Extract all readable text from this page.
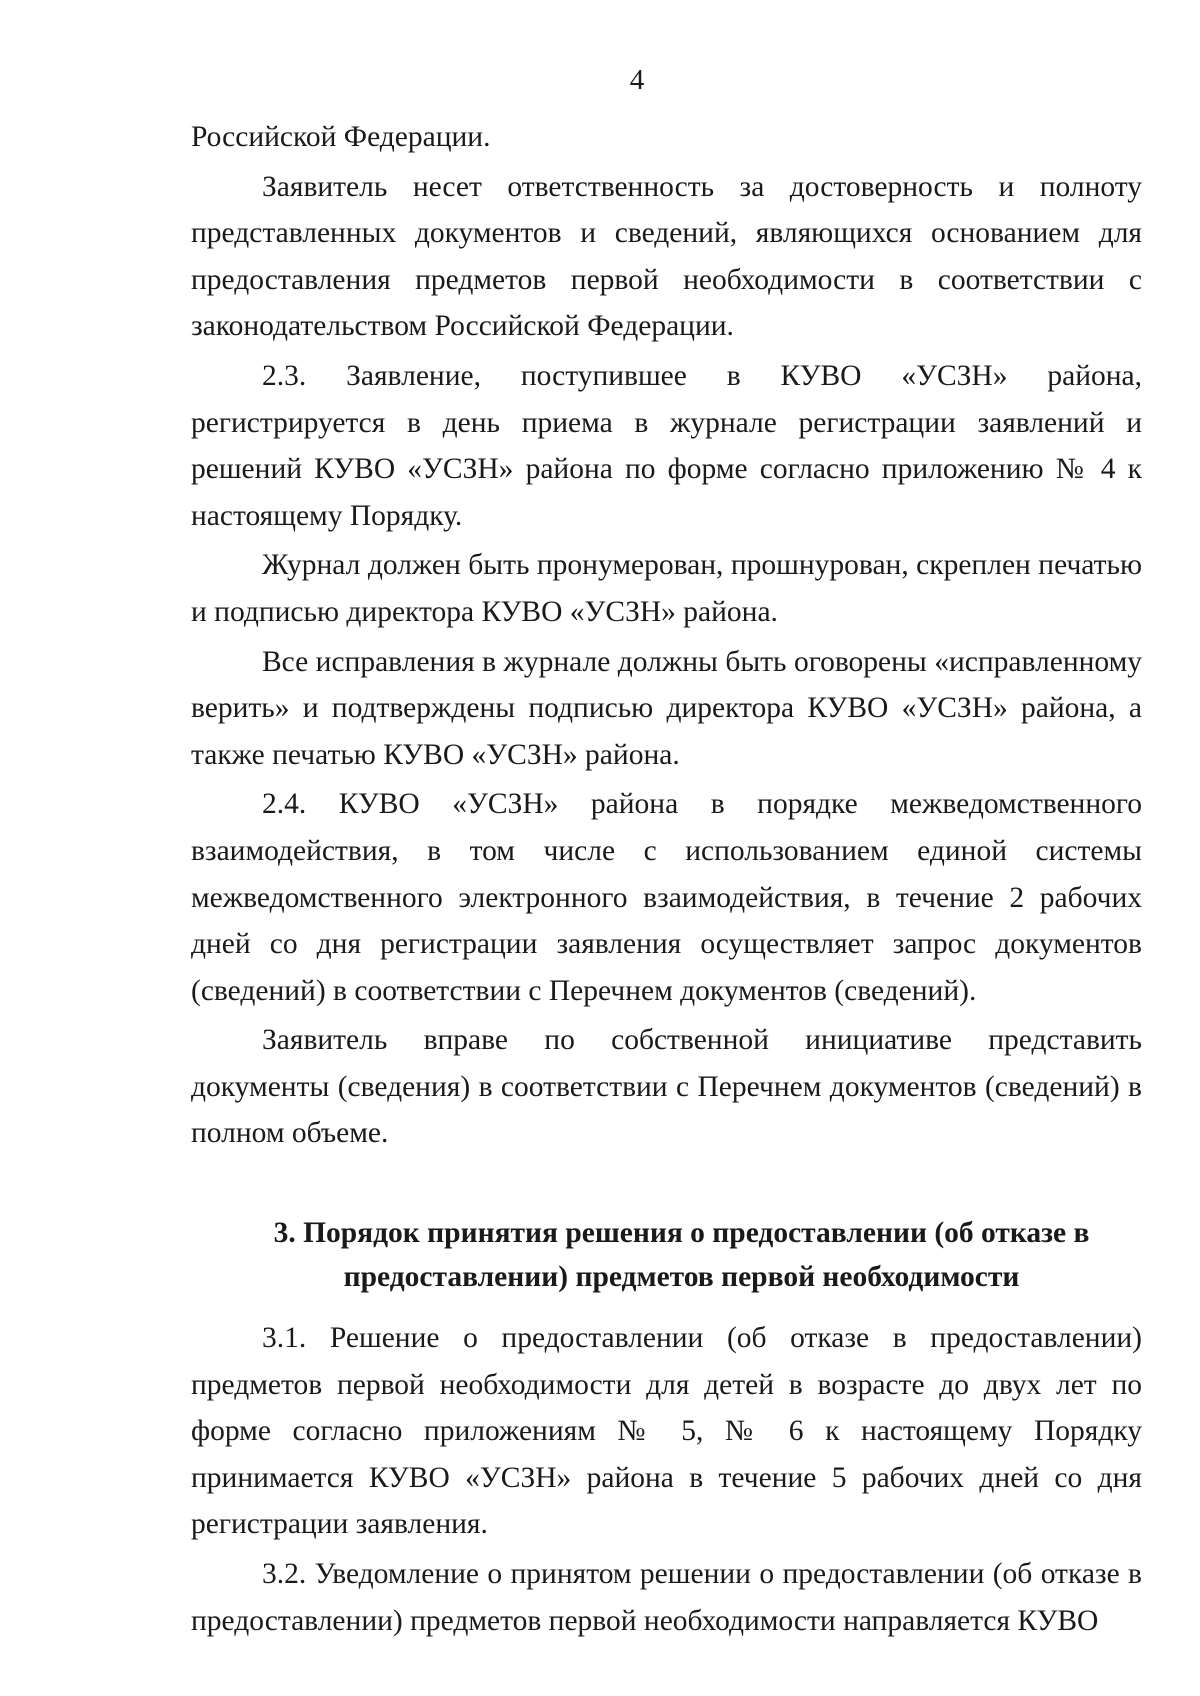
4

Российской Федерации.

Заявитель несет ответственность за достоверность и полноту представленных документов и сведений, являющихся основанием для предоставления предметов первой необходимости в соответствии с законодательством Российской Федерации.

2.3. Заявление, поступившее в КУВО «УСЗН» района, регистрируется в день приема в журнале регистрации заявлений и решений КУВО «УСЗН» района по форме согласно приложению № 4 к настоящему Порядку.

Журнал должен быть пронумерован, прошнурован, скреплен печатью и подписью директора КУВО «УСЗН» района.

Все исправления в журнале должны быть оговорены «исправленному верить» и подтверждены подписью директора КУВО «УСЗН» района, а также печатью КУВО «УСЗН» района.

2.4. КУВО «УСЗН» района в порядке межведомственного взаимодействия, в том числе с использованием единой системы межведомственного электронного взаимодействия, в течение 2 рабочих дней со дня регистрации заявления осуществляет запрос документов (сведений) в соответствии с Перечнем документов (сведений).

Заявитель вправе по собственной инициативе представить документы (сведения) в соответствии с Перечнем документов (сведений) в полном объеме.

3. Порядок принятия решения о предоставлении (об отказе в
предоставлении) предметов первой необходимости

3.1. Решение о предоставлении (об отказе в предоставлении) предметов первой необходимости для детей в возрасте до двух лет по форме согласно приложениям № 5, № 6 к настоящему Порядку принимается КУВО «УСЗН» района в течение 5 рабочих дней со дня регистрации заявления.

3.2. Уведомление о принятом решении о предоставлении (об отказе в предоставлении) предметов первой необходимости направляется КУВО
